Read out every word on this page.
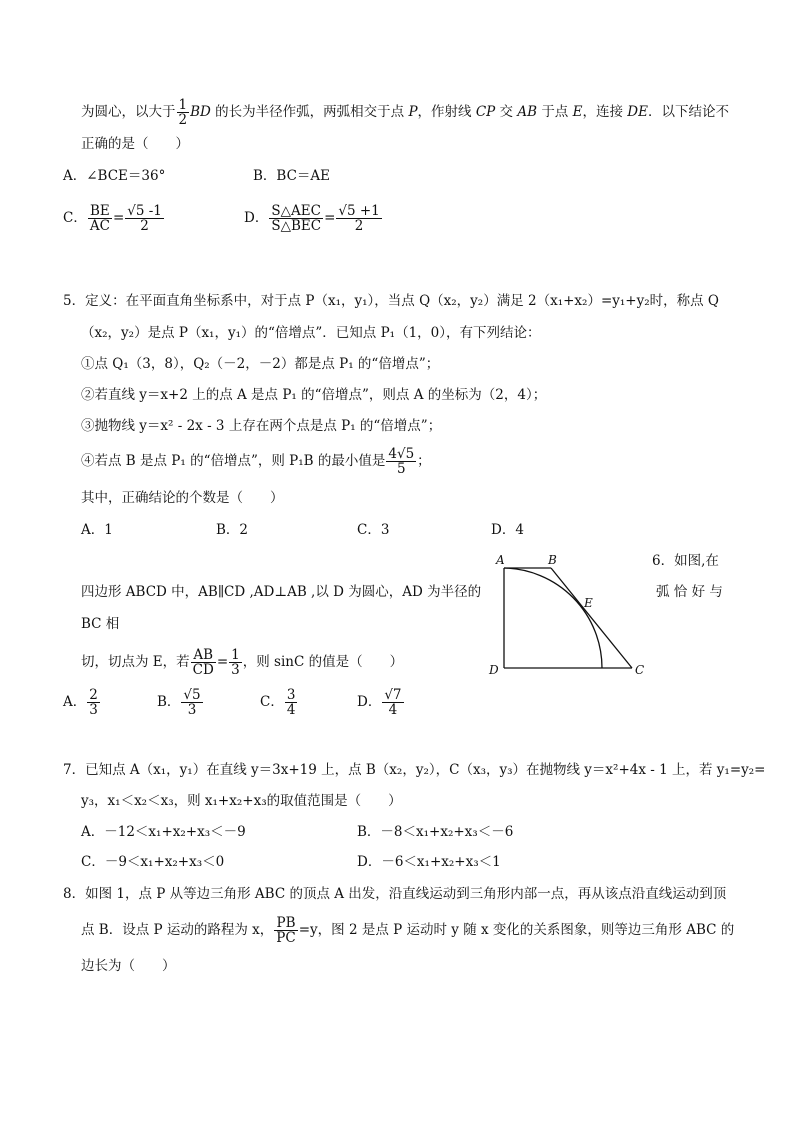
为圆心，以大于 $\frac{1}{2}$ BD 的长为半径作弧，两弧相交于点 P，作射线 CP 交 AB 于点 E，连接 DE．以下结论不
正确的是（　　）
A．∠BCE＝36°	B．BC＝AE
C． $\frac{BE}{AC} = \frac{√5 -1}{2}$	D． $\frac{\text{S△AEC}}{\text{S△BEC}} = \frac{√5 +1}{2}$
5．定义：在平面直角坐标系中，对于点 P（x₁，y₁），当点 Q（x₂，y₂）满足 2（x₁+x₂）=y₁+y₂时，称点 Q
（x₂，y₂）是点 P（x₁，y₁）的“倍增点”．已知点 P₁（1，0），有下列结论：
①点 Q₁（3，8），Q₂（－2，－2）都是点 P₁ 的“倍增点”；
②若直线 y＝x+2 上的点 A 是点 P₁ 的“倍增点”，则点 A 的坐标为（2，4）；
③抛物线 y＝x² - 2x - 3 上存在两个点是点 P₁ 的“倍增点”；
④若点 B 是点 P₁ 的“倍增点”，则 P₁B 的最小值是 $\frac{4√5}{5}$ ；
其中，正确结论的个数是（　　）
A．1	B．2	C．3	D．4
6．如图,在
四边形 ABCD 中，AB∥CD ,AD⊥AB ,以 D 为圆心，AD 为半径的	弧 恰 好 与
BC 相
切，切点为 E，若 $\frac{AB}{CD} = \frac{1}{3}$ ，则 sinC 的值是（　　）
A． $\frac{2}{3}$	B． $\frac{√5}{3}$	C． $\frac{3}{4}$	D． $\frac{√7}{4}$
A	B
E
D	C
7．已知点 A（x₁，y₁）在直线 y＝3x+19 上，点 B（x₂，y₂），C（x₃，y₃）在抛物线 y＝x²+4x - 1 上，若 y₁=y₂=
y₃，x₁＜x₂＜x₃，则 x₁+x₂+x₃的取值范围是（　　）
A．－12＜x₁+x₂+x₃＜－9	B．－8＜x₁+x₂+x₃＜－6
C．－9＜x₁+x₂+x₃＜0	D．－6＜x₁+x₂+x₃＜1
8．如图 1，点 P 从等边三角形 ABC 的顶点 A 出发，沿直线运动到三角形内部一点，再从该点沿直线运动到顶
点 B．设点 P 运动的路程为 x， $\frac{PB}{PC} =y$，图 2 是点 P 运动时 y 随 x 变化的关系图象，则等边三角形 ABC 的
边长为（　　）
